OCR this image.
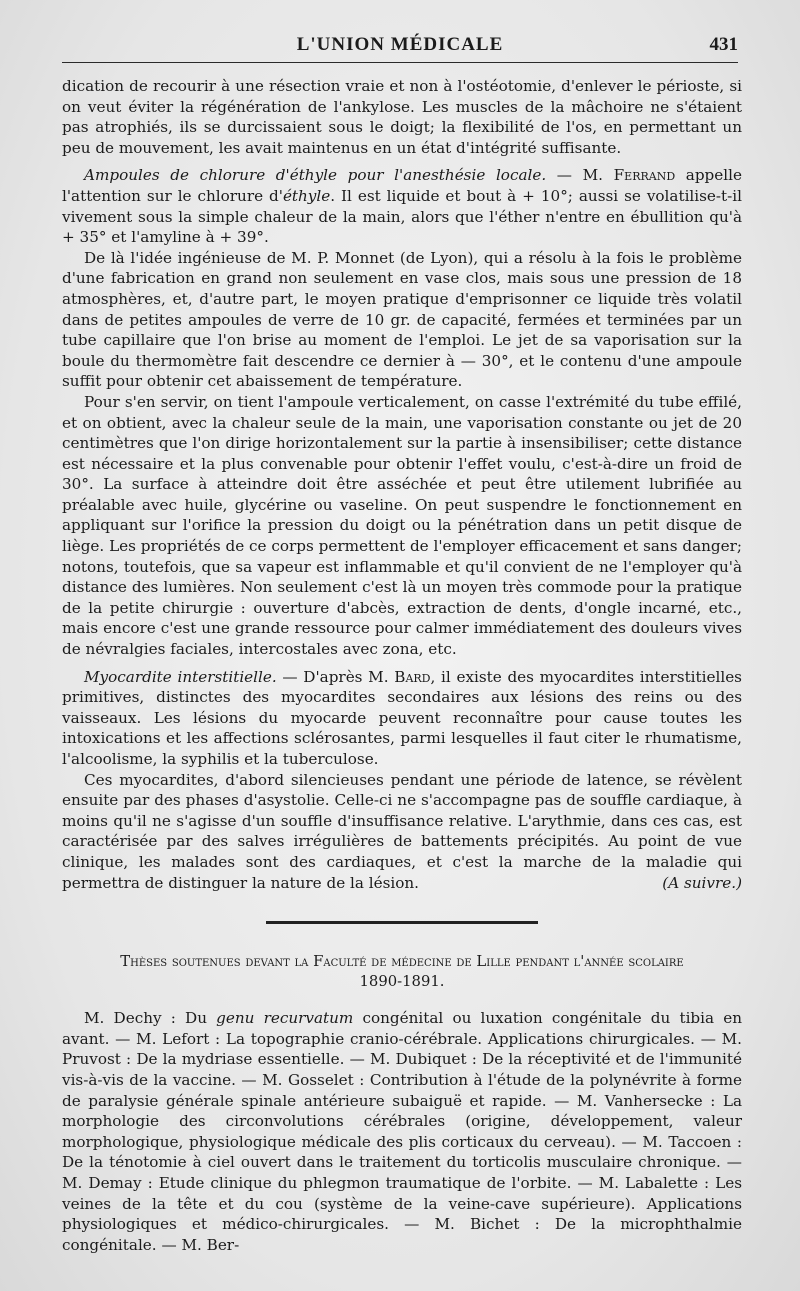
L'UNION MÉDICALE	431

dication de recourir à une résection vraie et non à l'ostéotomie, d'enlever le périoste, si on veut éviter la régénération de l'ankylose. Les muscles de la mâchoire ne s'étaient pas atrophiés, ils se durcissaient sous le doigt; la flexibilité de l'os, en permettant un peu de mouvement, les avait maintenus en un état d'intégrité suffisante.

Ampoules de chlorure d'éthyle pour l'anesthésie locale. — M. Ferrand appelle l'attention sur le chlorure d'éthyle. Il est liquide et bout à + 10°; aussi se volatilise-t-il vivement sous la simple chaleur de la main, alors que l'éther n'entre en ébullition qu'à + 35° et l'amyline à + 39°.

De là l'idée ingénieuse de M. P. Monnet (de Lyon), qui a résolu à la fois le problème d'une fabrication en grand non seulement en vase clos, mais sous une pression de 18 atmosphères, et, d'autre part, le moyen pratique d'emprisonner ce liquide très volatil dans de petites ampoules de verre de 10 gr. de capacité, fermées et terminées par un tube capillaire que l'on brise au moment de l'emploi. Le jet de sa vaporisation sur la boule du thermomètre fait descendre ce dernier à — 30°, et le contenu d'une ampoule suffit pour obtenir cet abaissement de température.

Pour s'en servir, on tient l'ampoule verticalement, on casse l'extrémité du tube effilé, et on obtient, avec la chaleur seule de la main, une vaporisation constante ou jet de 20 centimètres que l'on dirige horizontalement sur la partie à insensibiliser; cette distance est nécessaire et la plus convenable pour obtenir l'effet voulu, c'est-à-dire un froid de 30°. La surface à atteindre doit être asséchée et peut être utilement lubrifiée au préalable avec huile, glycérine ou vaseline. On peut suspendre le fonctionnement en appliquant sur l'orifice la pression du doigt ou la pénétration dans un petit disque de liège. Les propriétés de ce corps permettent de l'employer efficacement et sans danger; notons, toutefois, que sa vapeur est inflammable et qu'il convient de ne l'employer qu'à distance des lumières. Non seulement c'est là un moyen très commode pour la pratique de la petite chirurgie : ouverture d'abcès, extraction de dents, d'ongle incarné, etc., mais encore c'est une grande ressource pour calmer immédiatement des douleurs vives de névralgies faciales, intercostales avec zona, etc.

Myocardite interstitielle. — D'après M. Bard, il existe des myocardites interstitielles primitives, distinctes des myocardites secondaires aux lésions des reins ou des vaisseaux. Les lésions du myocarde peuvent reconnaître pour cause toutes les intoxications et les affections sclérosantes, parmi lesquelles il faut citer le rhumatisme, l'alcoolisme, la syphilis et la tuberculose.

Ces myocardites, d'abord silencieuses pendant une période de latence, se révèlent ensuite par des phases d'asystolie. Celle-ci ne s'accompagne pas de souffle cardiaque, à moins qu'il ne s'agisse d'un souffle d'insuffisance relative. L'arythmie, dans ces cas, est caractérisée par des salves irrégulières de battements précipités. Au point de vue clinique, les malades sont des cardiaques, et c'est la marche de la maladie qui permettra de distinguer la nature de la lésion.	(A suivre.)

Thèses soutenues devant la Faculté de médecine de Lille pendant l'année scolaire
1890-1891.

M. Dechy : Du genu recurvatum congénital ou luxation congénitale du tibia en avant. — M. Lefort : La topographie cranio-cérébrale. Applications chirurgicales. — M. Pruvost : De la mydriase essentielle. — M. Dubiquet : De la réceptivité et de l'immunité vis-à-vis de la vaccine. — M. Gosselet : Contribution à l'étude de la polynévrite à forme de paralysie générale spinale antérieure subaiguë et rapide. — M. Vanhersecke : La morphologie des circonvolutions cérébrales (origine, développement, valeur morphologique, physiologique médicale des plis corticaux du cerveau). — M. Taccoen : De la ténotomie à ciel ouvert dans le traitement du torticolis musculaire chronique. — M. Demay : Etude clinique du phlegmon traumatique de l'orbite. — M. Labalette : Les veines de la tête et du cou (système de la veine-cave supérieure). Applications physiologiques et médico-chirurgicales. — M. Bichet : De la microphthalmie congénitale. — M. Ber-
